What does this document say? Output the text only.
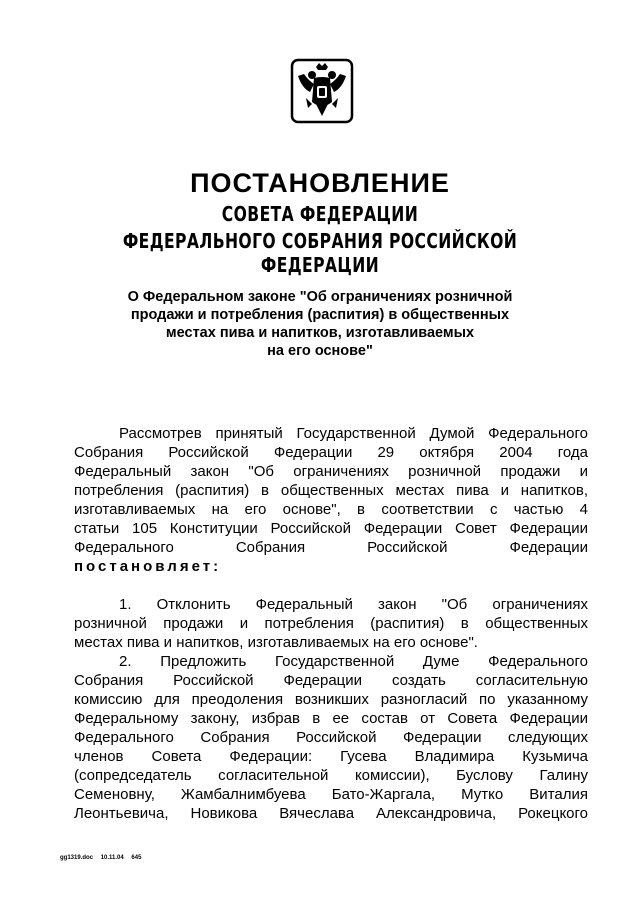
ПОСТАНОВЛЕНИЕ
СОВЕТА ФЕДЕРАЦИИ
ФЕДЕРАЛЬНОГО СОБРАНИЯ РОССИЙСКОЙ ФЕДЕРАЦИИ
О Федеральном законе "Об ограничениях розничной
продажи и потребления (распития) в общественных
местах пива и напитков, изготавливаемых
на его основе"
Рассмотрев принятый Государственной Думой Федерального
Собрания Российской Федерации 29 октября 2004 года
Федеральный закон "Об ограничениях розничной продажи и
потребления (распития) в общественных местах пива и напитков,
изготавливаемых на его основе", в соответствии с частью 4
статьи 105 Конституции Российской Федерации Совет Федерации
Федерального Собрания Российской Федерации
постановляет:
1. Отклонить Федеральный закон "Об ограничениях
розничной продажи и потребления (распития) в общественных
местах пива и напитков, изготавливаемых на его основе".
2. Предложить Государственной Думе Федерального
Собрания Российской Федерации создать согласительную
комиссию для преодоления возникших разногласий по указанному
Федеральному закону, избрав в ее состав от Совета Федерации
Федерального Собрания Российской Федерации следующих
членов Совета Федерации: Гусева Владимира Кузьмича
(сопредседатель согласительной комиссии), Буслову Галину
Семеновну, Жамбалнимбуева Бато-Жаргала, Мутко Виталия
Леонтьевича, Новикова Вячеслава Александровича, Рокецкого
gg1319.doc 10.11.04 645
